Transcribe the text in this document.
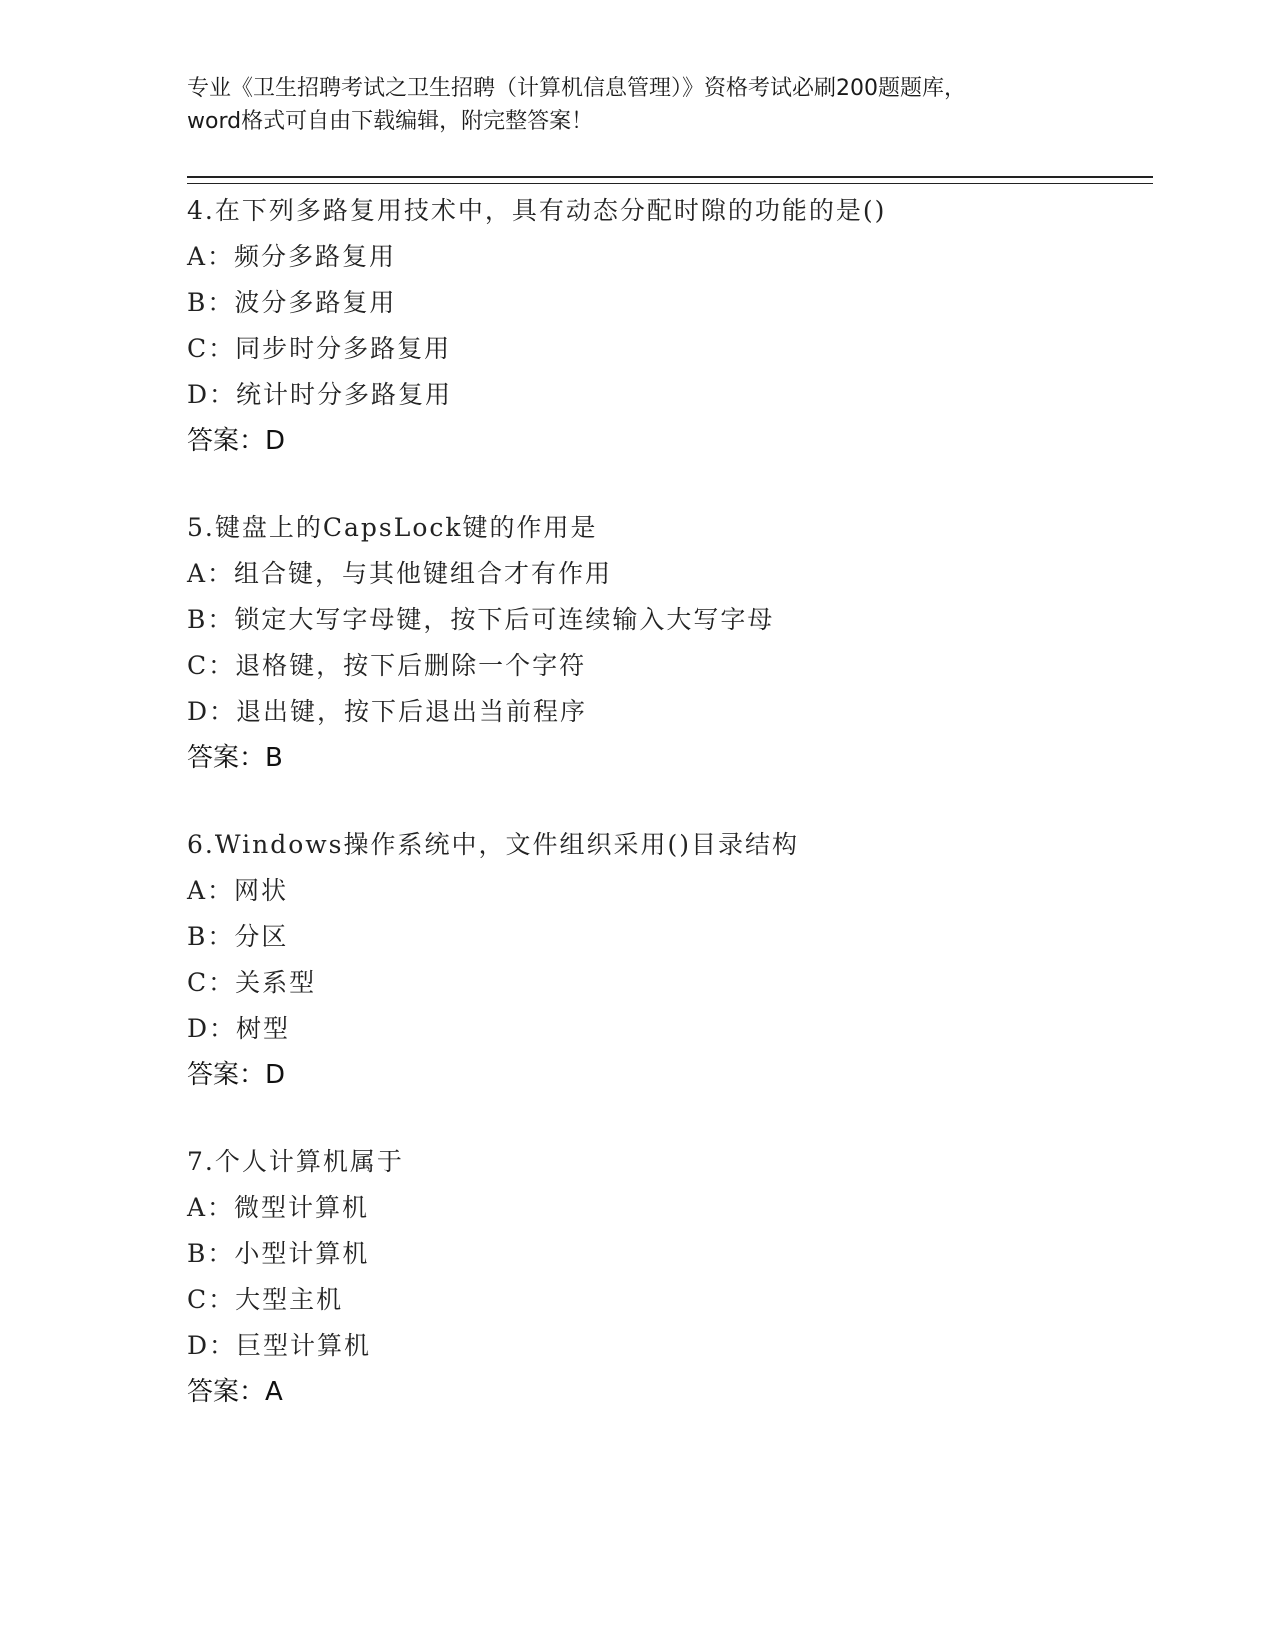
专业《卫生招聘考试之卫生招聘（计算机信息管理）》资格考试必刷200题题库，
word格式可自由下载编辑，附完整答案！
4.在下列多路复用技术中，具有动态分配时隙的功能的是()
A：频分多路复用
B：波分多路复用
C：同步时分多路复用
D：统计时分多路复用
答案：D
5.键盘上的CapsLock键的作用是
A：组合键，与其他键组合才有作用
B：锁定大写字母键，按下后可连续输入大写字母
C：退格键，按下后删除一个字符
D：退出键，按下后退出当前程序
答案：B
6.Windows操作系统中，文件组织采用()目录结构
A：网状
B：分区
C：关系型
D：树型
答案：D
7.个人计算机属于
A：微型计算机
B：小型计算机
C：大型主机
D：巨型计算机
答案：A
